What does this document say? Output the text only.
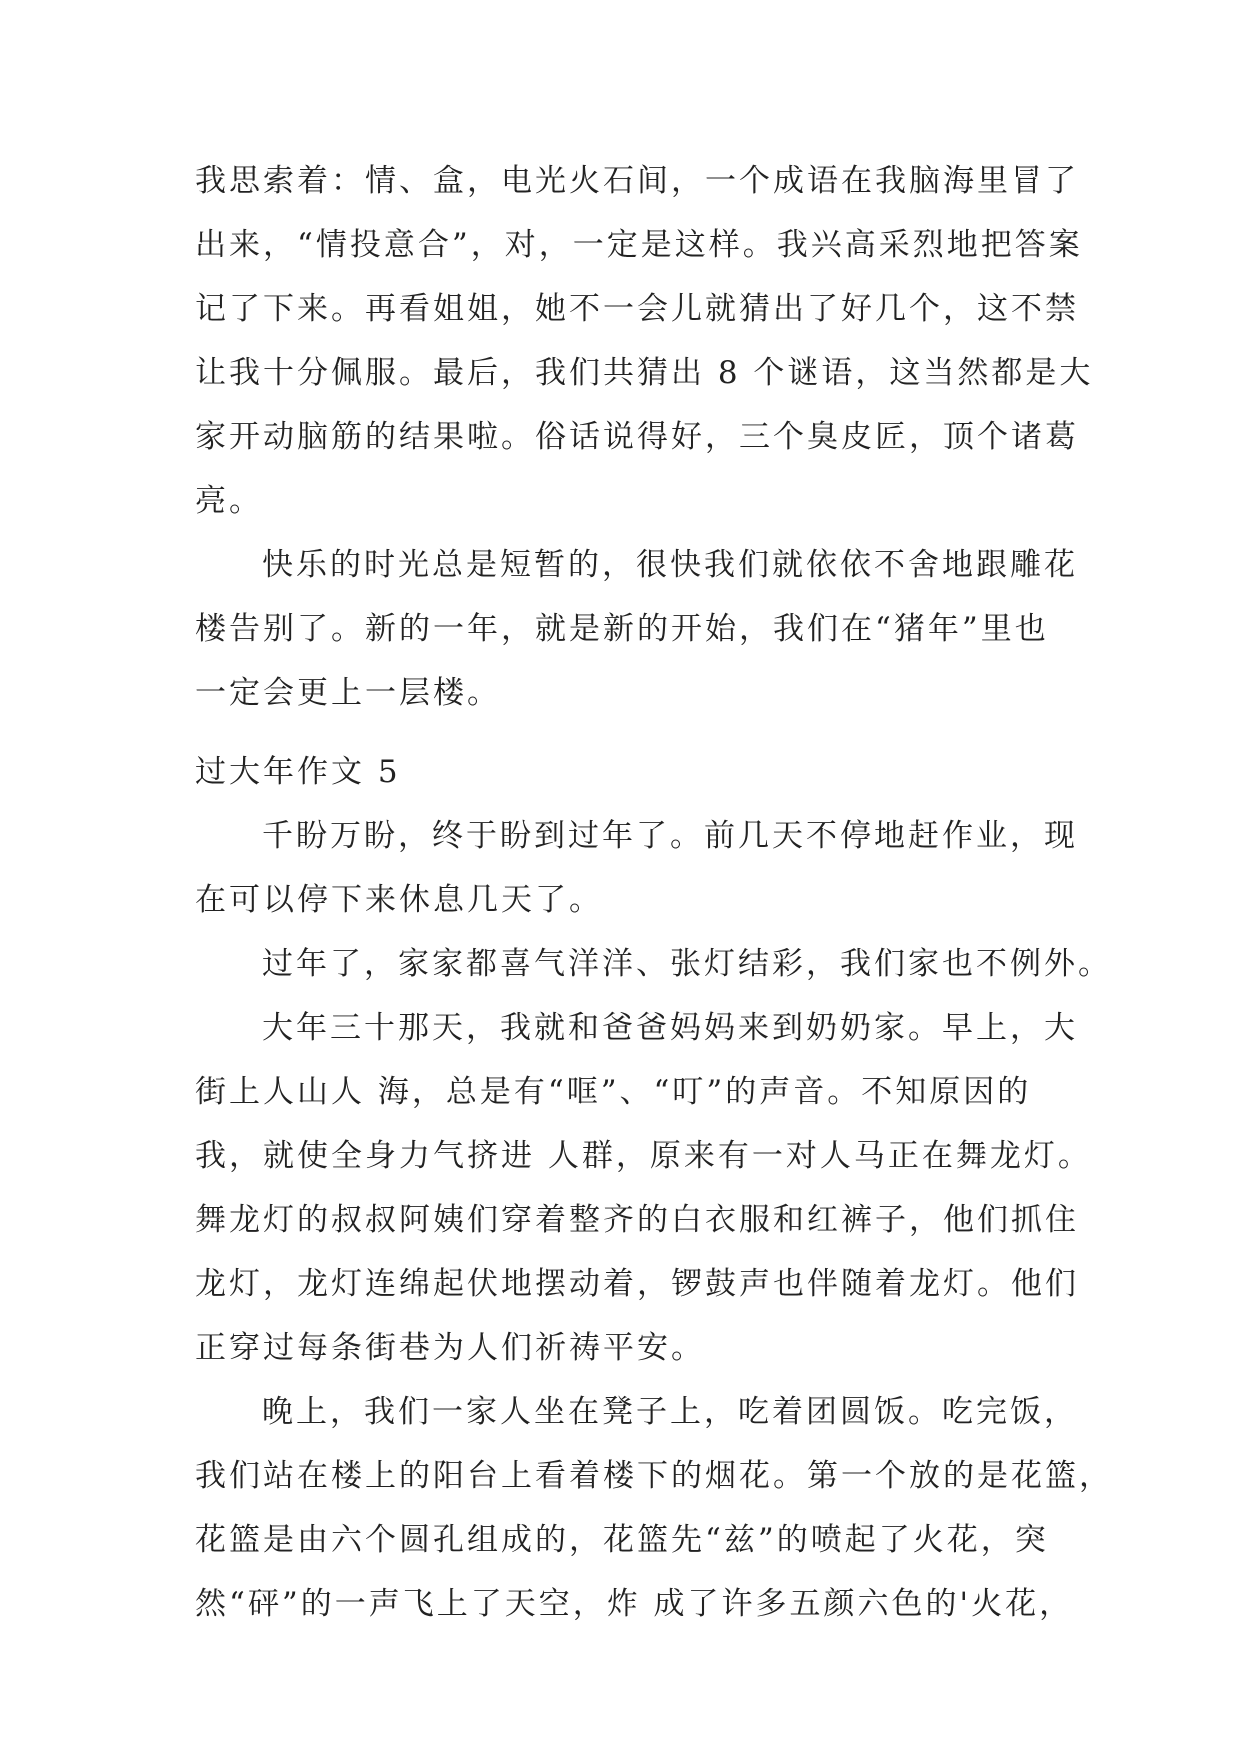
我思索着：情、盒，电光火石间，一个成语在我脑海里冒了
出来，“情投意合”，对，一定是这样。我兴高采烈地把答案
记了下来。再看姐姐，她不一会儿就猜出了好几个，这不禁
让我十分佩服。最后，我们共猜出 8 个谜语，这当然都是大
家开动脑筋的结果啦。俗话说得好，三个臭皮匠，顶个诸葛
亮。
快乐的时光总是短暂的，很快我们就依依不舍地跟雕花
楼告别了。新的一年，就是新的开始，我们在“猪年”里也
一定会更上一层楼。
过大年作文 5
千盼万盼，终于盼到过年了。前几天不停地赶作业，现
在可以停下来休息几天了。
过年了，家家都喜气洋洋、张灯结彩，我们家也不例外。
大年三十那天，我就和爸爸妈妈来到奶奶家。早上，大
街上人山人 海，总是有“哐”、“叮”的声音。不知原因的
我，就使全身力气挤进 人群，原来有一对人马正在舞龙灯。
舞龙灯的叔叔阿姨们穿着整齐的白衣服和红裤子，他们抓住
龙灯，龙灯连绵起伏地摆动着，锣鼓声也伴随着龙灯。他们
正穿过每条街巷为人们祈祷平安。
晚上，我们一家人坐在凳子上，吃着团圆饭。吃完饭，
我们站在楼上的阳台上看着楼下的烟花。第一个放的是花篮，
花篮是由六个圆孔组成的，花篮先“兹”的喷起了火花，突
然“砰”的一声飞上了天空，炸 成了许多五颜六色的'火花，
